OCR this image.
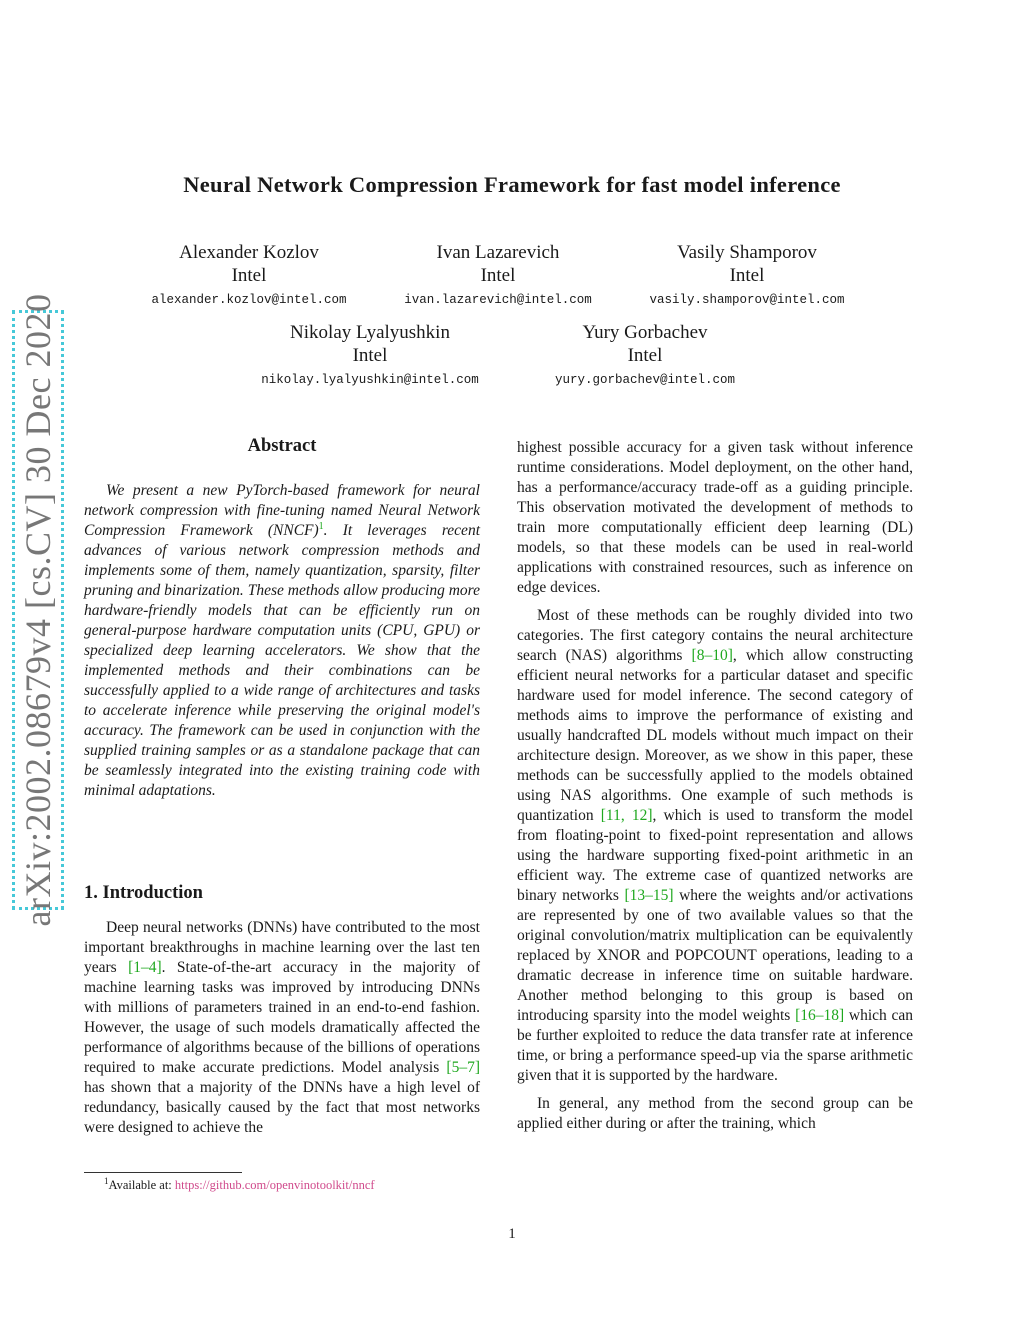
arXiv:2002.08679v4 [cs.CV] 30 Dec 2020
Neural Network Compression Framework for fast model inference
Alexander Kozlov
Intel
alexander.kozlov@intel.com
Ivan Lazarevich
Intel
ivan.lazarevich@intel.com
Vasily Shamporov
Intel
vasily.shamporov@intel.com
Nikolay Lyalyushkin
Intel
nikolay.lyalyushkin@intel.com
Yury Gorbachev
Intel
yury.gorbachev@intel.com
Abstract

We present a new PyTorch-based framework for neural network compression with fine-tuning named Neural Network Compression Framework (NNCF)$^1$. It leverages recent advances of various network compression methods and implements some of them, namely quantization, sparsity, filter pruning and binarization. These methods allow producing more hardware-friendly models that can be efficiently run on general-purpose hardware computation units (CPU, GPU) or specialized deep learning accelerators. We show that the implemented methods and their combinations can be successfully applied to a wide range of architectures and tasks to accelerate inference while preserving the original model's accuracy. The framework can be used in conjunction with the supplied training samples or as a standalone package that can be seamlessly integrated into the existing training code with minimal adaptations.

1. Introduction

Deep neural networks (DNNs) have contributed to the most important breakthroughs in machine learning over the last ten years [1–4]. State-of-the-art accuracy in the majority of machine learning tasks was improved by introducing DNNs with millions of parameters trained in an end-to-end fashion. However, the usage of such models dramatically affected the performance of algorithms because of the billions of operations required to make accurate predictions. Model analysis [5–7] has shown that a majority of the DNNs have a high level of redundancy, basically caused by the fact that most networks were designed to achieve the

highest possible accuracy for a given task without inference runtime considerations. Model deployment, on the other hand, has a performance/accuracy trade-off as a guiding principle. This observation motivated the development of methods to train more computationally efficient deep learning (DL) models, so that these models can be used in real-world applications with constrained resources, such as inference on edge devices.

Most of these methods can be roughly divided into two categories. The first category contains the neural architecture search (NAS) algorithms [8–10], which allow constructing efficient neural networks for a particular dataset and specific hardware used for model inference. The second category of methods aims to improve the performance of existing and usually handcrafted DL models without much impact on their architecture design. Moreover, as we show in this paper, these methods can be successfully applied to the models obtained using NAS algorithms. One example of such methods is quantization [11, 12], which is used to transform the model from floating-point to fixed-point representation and allows using the hardware supporting fixed-point arithmetic in an efficient way. The extreme case of quantized networks are binary networks [13–15] where the weights and/or activations are represented by one of two available values so that the original convolution/matrix multiplication can be equivalently replaced by XNOR and POPCOUNT operations, leading to a dramatic decrease in inference time on suitable hardware. Another method belonging to this group is based on introducing sparsity into the model weights [16–18] which can be further exploited to reduce the data transfer rate at inference time, or bring a performance speed-up via the sparse arithmetic given that it is supported by the hardware.

In general, any method from the second group can be applied either during or after the training, which

$^1$Available at: https://github.com/openvinotoolkit/nncf
1
